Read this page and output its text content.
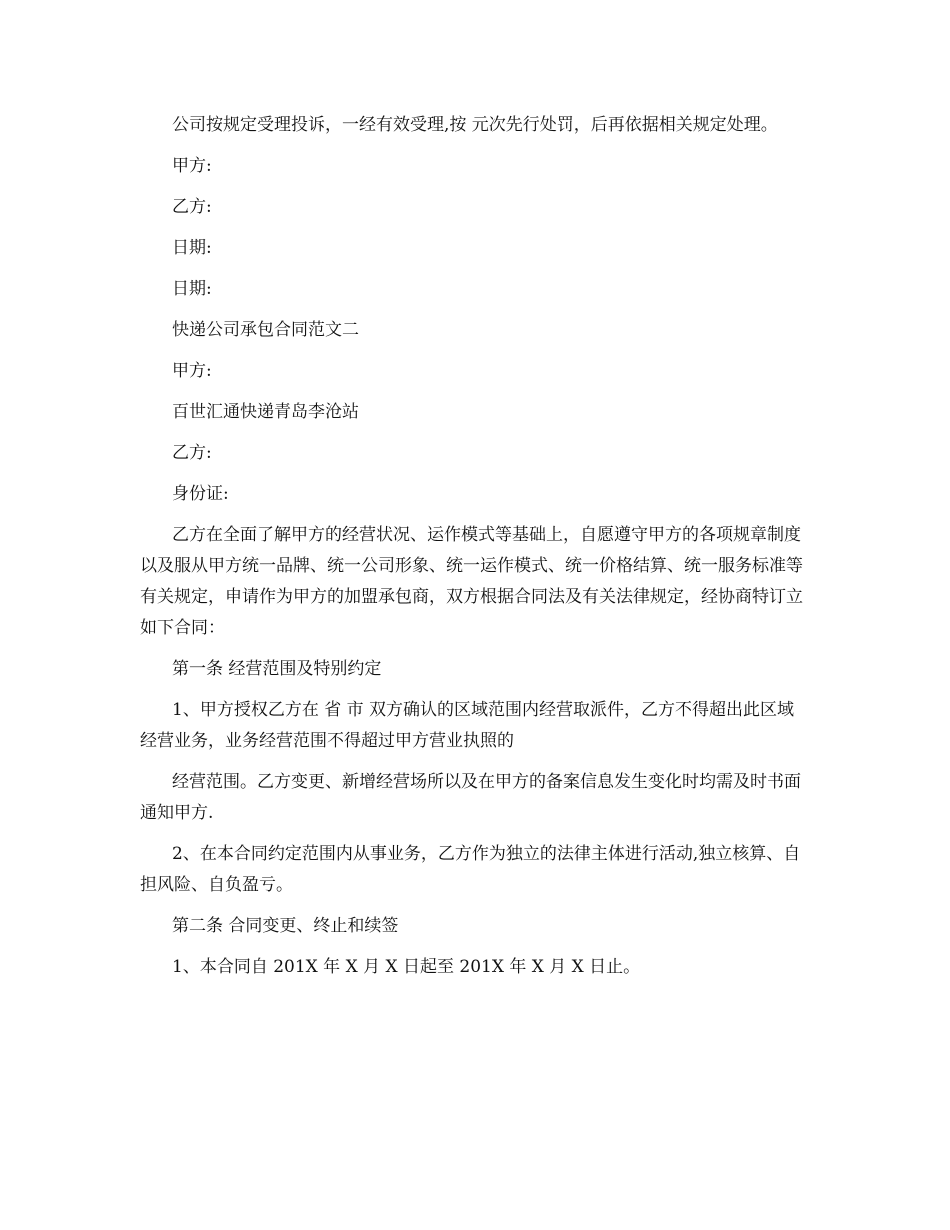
公司按规定受理投诉，一经有效受理,按 元次先行处罚，后再依据相关规定处理。

甲方:

乙方:

日期:

日期:

快递公司承包合同范文二

甲方:

百世汇通快递青岛李沧站

乙方:

身份证:

乙方在全面了解甲方的经营状况、运作模式等基础上，自愿遵守甲方的各项规章制度以及服从甲方统一品牌、统一公司形象、统一运作模式、统一价格结算、统一服务标准等有关规定，申请作为甲方的加盟承包商，双方根据合同法及有关法律规定，经协商特订立如下合同：

第一条 经营范围及特别约定

1、甲方授权乙方在 省 市 双方确认的区域范围内经营取派件，乙方不得超出此区域经营业务，业务经营范围不得超过甲方营业执照的

经营范围。乙方变更、新增经营场所以及在甲方的备案信息发生变化时均需及时书面通知甲方.

2、在本合同约定范围内从事业务，乙方作为独立的法律主体进行活动,独立核算、自担风险、自负盈亏。

第二条 合同变更、终止和续签

1、本合同自 201X 年 X 月 X 日起至 201X 年 X 月 X 日止。
